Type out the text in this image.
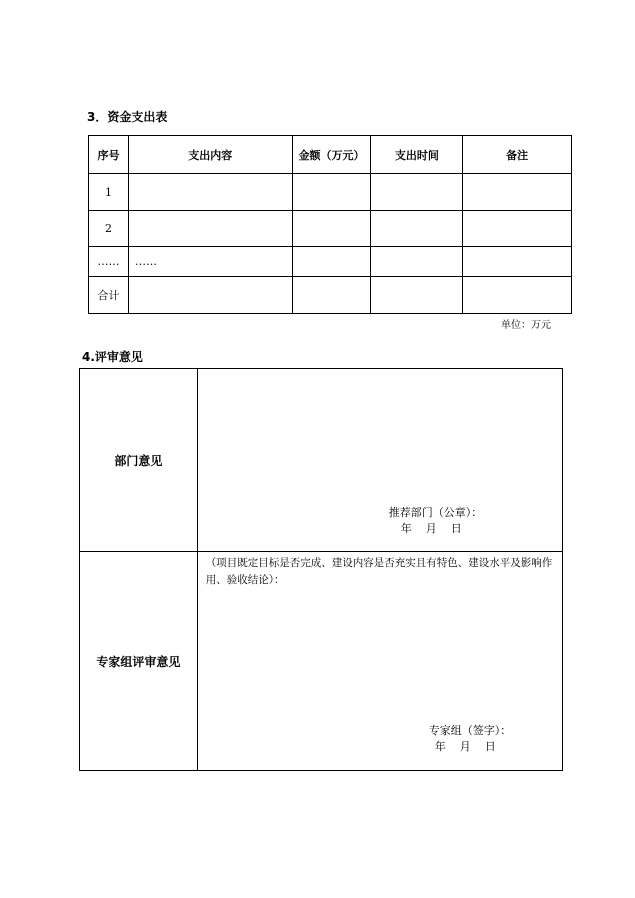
3．资金支出表
序号	支出内容	金额（万元）	支出时间	备注
1				
2				
……	……			
合计				
单位：万元
4.评审意见
部门意见	推荐部门（公章）：
年    月    日

专家组评审意见	（项目既定目标是否完成、建设内容是否充实且有特色、建设水平及影响作用、验收结论）：
专家组（签字）：
年    月    日
